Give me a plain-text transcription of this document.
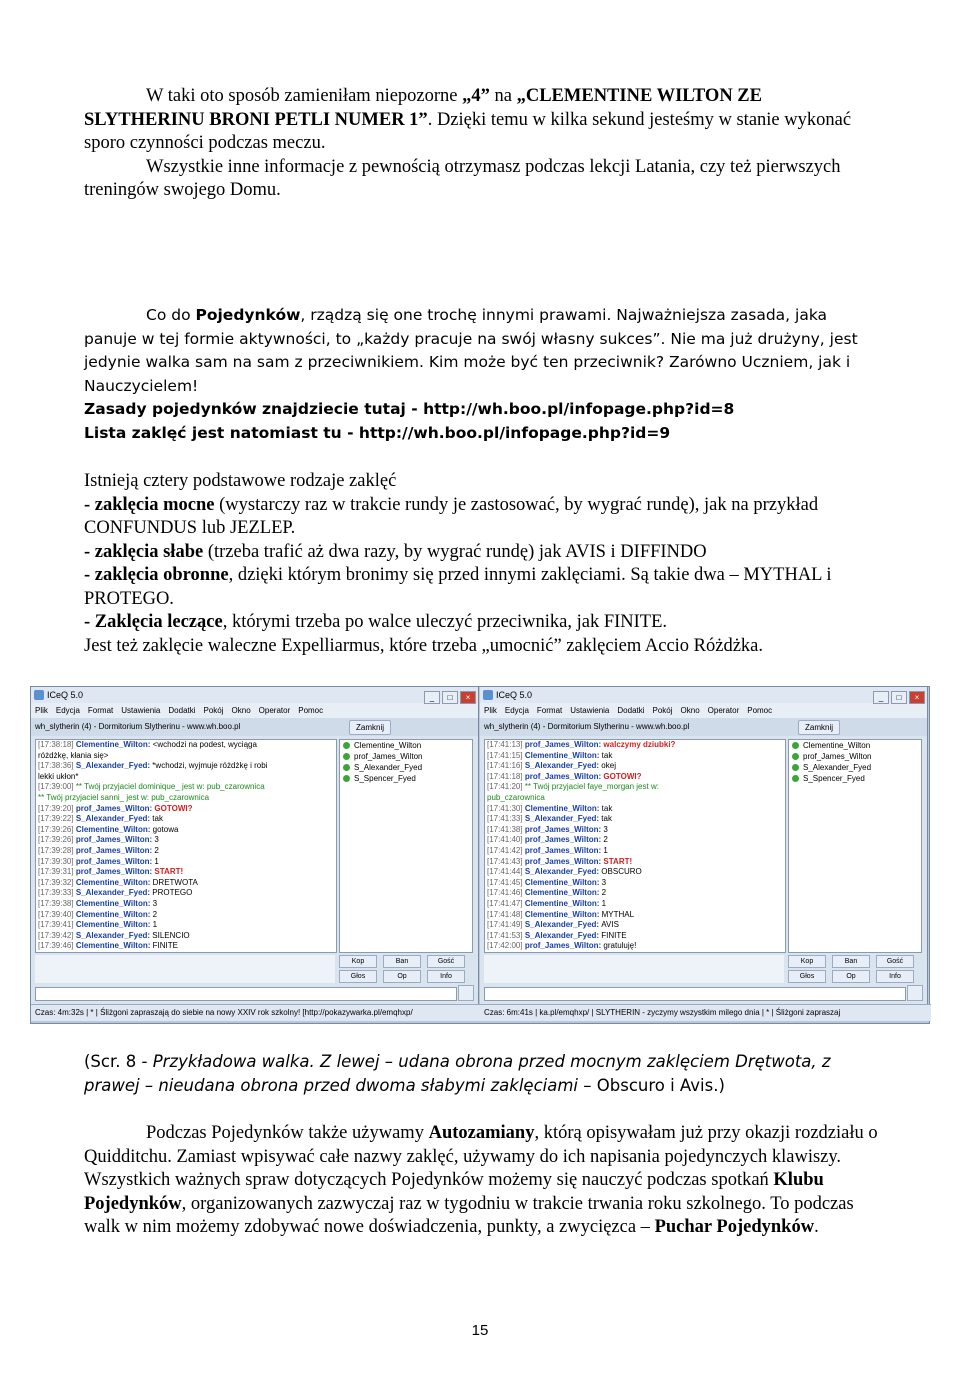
W taki oto sposób zamieniłam niepozorne „4” na „CLEMENTINE WILTON ZE SLYTHERINU BRONI PETLI NUMER 1”. Dzięki temu w kilka sekund jesteśmy w stanie wykonać sporo czynności podczas meczu.

Wszystkie inne informacje z pewnością otrzymasz podczas lekcji Latania, czy też pierwszych treningów swojego Domu.

Co do Pojedynków, rządzą się one trochę innymi prawami. Najważniejsza zasada, jaka panuje w tej formie aktywności, to „każdy pracuje na swój własny sukces”. Nie ma już drużyny, jest jedynie walka sam na sam z przeciwnikiem. Kim może być ten przeciwnik? Zarówno Uczniem, jak i Nauczycielem!

Zasady pojedynków znajdziecie tutaj - http://wh.boo.pl/infopage.php?id=8

Lista zaklęć jest natomiast tu - http://wh.boo.pl/infopage.php?id=9

Istnieją cztery podstawowe rodzaje zaklęć

- zaklęcia mocne (wystarczy raz w trakcie rundy je zastosować, by wygrać rundę), jak na przykład CONFUNDUS lub JEZLEP.

- zaklęcia słabe (trzeba trafić aż dwa razy, by wygrać rundę) jak AVIS i DIFFINDO

- zaklęcia obronne, dzięki którym bronimy się przed innymi zaklęciami. Są takie dwa – MYTHAL i PROTEGO.

- Zaklęcia leczące, którymi trzeba po walce uleczyć przeciwnika, jak FINITE.

Jest też zaklęcie waleczne Expelliarmus, które trzeba „umocnić” zaklęciem Accio Różdżka.

ICeQ 5.0	_ □ ×
Plik Edycja Format Ustawienia Dodatki Pokój Okno Operator Pomoc
wh_slytherin (4) - Dormitorium Slytherinu - www.wh.boo.pl	Zamknij
[17:38:18] Clementine_Wilton: <wchodzi na podest, wyciąga
różdżkę, kłania się>
[17:38:36] S_Alexander_Fyed: *wchodzi, wyjmuje różdżkę i robi
lekki ukłon*
[17:39:00] ** Twój przyjaciel dominique_ jest w: pub_czarownica
** Twój przyjaciel sanni_ jest w: pub_czarownica
[17:39:20] prof_James_Wilton: GOTOWI?
[17:39:22] S_Alexander_Fyed: tak
[17:39:26] Clementine_Wilton: gotowa
[17:39:26] prof_James_Wilton: 3
[17:39:28] prof_James_Wilton: 2
[17:39:30] prof_James_Wilton: 1
[17:39:31] prof_James_Wilton: START!
[17:39:32] Clementine_Wilton: DRETWOTA
[17:39:33] S_Alexander_Fyed: PROTEGO
[17:39:38] Clementine_Wilton: 3
[17:39:40] Clementine_Wilton: 2
[17:39:41] Clementine_Wilton: 1
[17:39:42] S_Alexander_Fyed: SILENCIO
[17:39:46] Clementine_Wilton: FINITE
Clementine_Wilton
prof_James_Wilton
S_Alexander_Fyed
S_Spencer_Fyed
Kop	Ban	Gość
Głos	Op	Info
Czas: 4m:32s | * | Śliżgoni zapraszają do siebie na nowy XXIV rok szkolny! [http://pokazywarka.pl/emqhxp/
ICeQ 5.0	_ □ ×
Plik Edycja Format Ustawienia Dodatki Pokój Okno Operator Pomoc
wh_slytherin (4) - Dormitorium Slytherinu - www.wh.boo.pl	Zamknij
[17:41:13] prof_James_Wilton: walczymy dziubki?
[17:41:15] Clementine_Wilton: tak
[17:41:16] S_Alexander_Fyed: okej
[17:41:18] prof_James_Wilton: GOTOWI?
[17:41:20] ** Twój przyjaciel faye_morgan jest w:
pub_czarownica
[17:41:30] Clementine_Wilton: tak
[17:41:33] S_Alexander_Fyed: tak
[17:41:38] prof_James_Wilton: 3
[17:41:40] prof_James_Wilton: 2
[17:41:42] prof_James_Wilton: 1
[17:41:43] prof_James_Wilton: START!
[17:41:44] S_Alexander_Fyed: OBSCURO
[17:41:45] Clementine_Wilton: 3
[17:41:46] Clementine_Wilton: 2
[17:41:47] Clementine_Wilton: 1
[17:41:48] Clementine_Wilton: MYTHAL
[17:41:49] S_Alexander_Fyed: AVIS
[17:41:53] S_Alexander_Fyed: FINITE
[17:42:00] prof_James_Wilton: gratuluję!
Clementine_Wilton
prof_James_Wilton
S_Alexander_Fyed
S_Spencer_Fyed
Kop	Ban	Gość
Głos	Op	Info
Czas: 6m:41s | ka.pl/emqhxp/ | SLYTHERIN - zyczymy wszystkim milego dnia | * | Śliżgoni zapraszaj

(Scr. 8 - Przykładowa walka. Z lewej – udana obrona przed mocnym zaklęciem Drętwota, z prawej – nieudana obrona przed dwoma słabymi zaklęciami – Obscuro i Avis.)

Podczas Pojedynków także używamy Autozamiany, którą opisywałam już przy okazji rozdziału o Quidditchu. Zamiast wpisywać całe nazwy zaklęć, używamy do ich napisania pojedynczych klawiszy.

Wszystkich ważnych spraw dotyczących Pojedynków możemy się nauczyć podczas spotkań Klubu Pojedynków, organizowanych zazwyczaj raz w tygodniu w trakcie trwania roku szkolnego. To podczas walk w nim możemy zdobywać nowe doświadczenia, punkty, a zwycięzca – Puchar Pojedynków.

15
